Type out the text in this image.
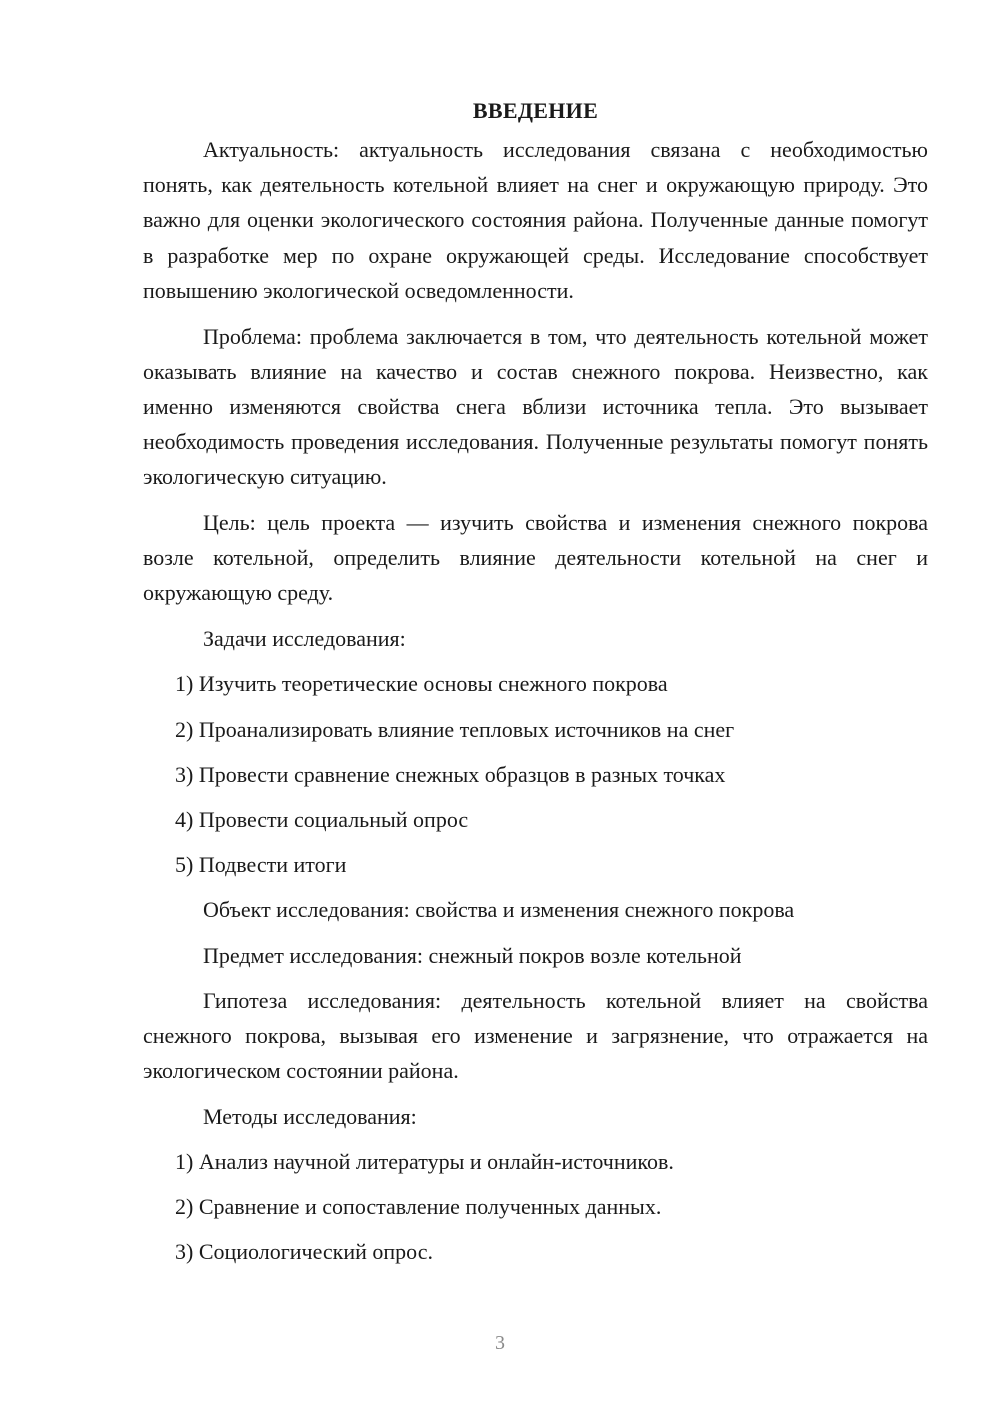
ВВЕДЕНИЕ

Актуальность: актуальность исследования связана с необходимостью понять, как деятельность котельной влияет на снег и окружающую природу. Это важно для оценки экологического состояния района. Полученные данные помогут в разработке мер по охране окружающей среды. Исследование способствует повышению экологической осведомленности.

Проблема: проблема заключается в том, что деятельность котельной может оказывать влияние на качество и состав снежного покрова. Неизвестно, как именно изменяются свойства снега вблизи источника тепла. Это вызывает необходимость проведения исследования. Полученные результаты помогут понять экологическую ситуацию.

Цель: цель проекта — изучить свойства и изменения снежного покрова возле котельной, определить влияние деятельности котельной на снег и окружающую среду.

Задачи исследования:
1) Изучить теоретические основы снежного покрова
2) Проанализировать влияние тепловых источников на снег
3) Провести сравнение снежных образцов в разных точках
4) Провести социальный опрос
5) Подвести итоги
Объект исследования: свойства и изменения снежного покрова
Предмет исследования: снежный покров возле котельной

Гипотеза исследования: деятельность котельной влияет на свойства снежного покрова, вызывая его изменение и загрязнение, что отражается на экологическом состоянии района.

Методы исследования:
1) Анализ научной литературы и онлайн-источников.
2) Сравнение и сопоставление полученных данных.
3) Социологический опрос.
3
